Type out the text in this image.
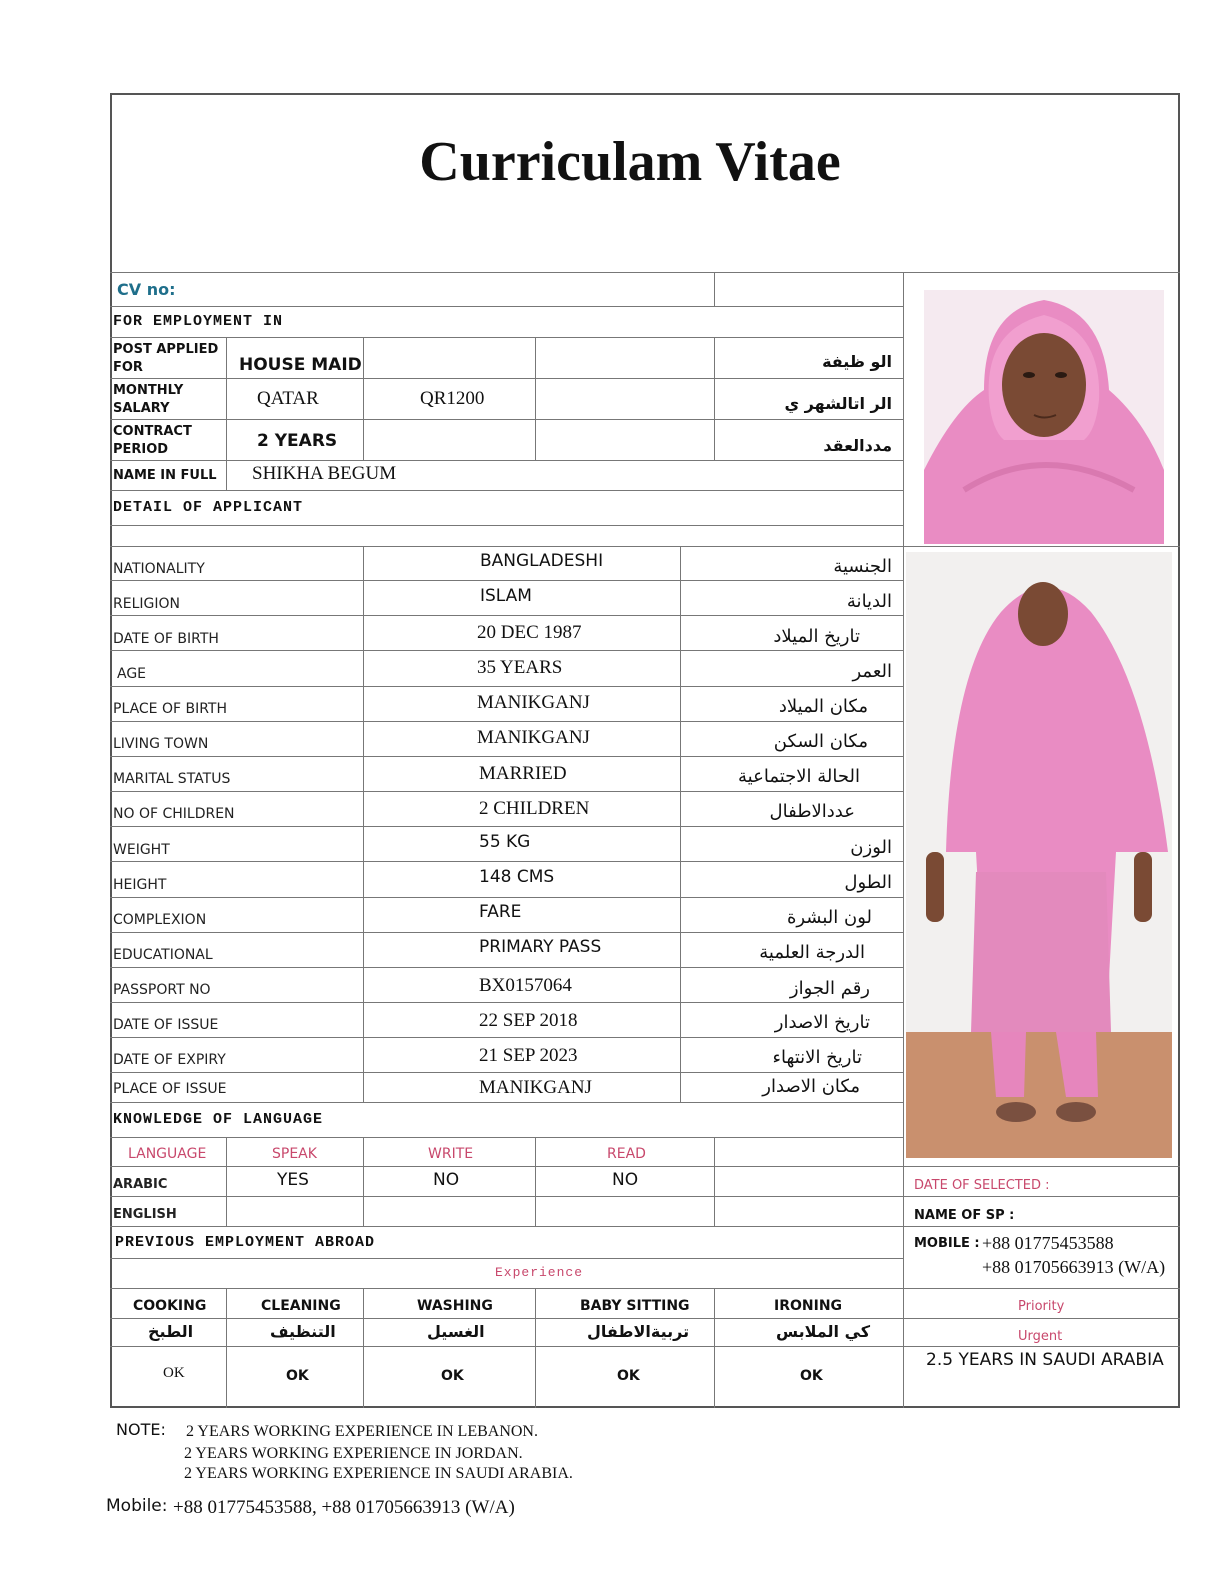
Curriculam Vitae
CV no:
FOR EMPLOYMENT IN
POST APPLIED FOR	HOUSE MAID	الو ظيفة
MONTHLY SALARY	QATAR	QR1200	الر اتالشهر ي
CONTRACT PERIOD	2 YEARS	مددالعقد
NAME IN FULL	SHIKHA BEGUM
DETAIL OF APPLICANT
NATIONALITY	BANGLADESHI	الجنسية
RELIGION	ISLAM	الديانة
DATE OF BIRTH	20 DEC 1987	تاريخ الميلاد
AGE	35 YEARS	العمر
PLACE OF BIRTH	MANIKGANJ	مكان الميلاد
LIVING TOWN	MANIKGANJ	مكان السكن
MARITAL STATUS	MARRIED	الحالة الاجتماعية
NO OF CHILDREN	2 CHILDREN	عددالاطفال
WEIGHT	55 KG	الوزن
HEIGHT	148 CMS	الطول
COMPLEXION	FARE	لون البشرة
EDUCATIONAL	PRIMARY PASS	الدرجة العلمية
PASSPORT NO	BX0157064	رقم الجواز
DATE OF ISSUE	22 SEP 2018	تاريخ الاصدار
DATE OF EXPIRY	21 SEP 2023	تاريخ الانتهاء
PLACE OF ISSUE	MANIKGANJ	مكان الاصدار
KNOWLEDGE OF LANGUAGE
LANGUAGE	SPEAK	WRITE	READ
ARABIC	YES	NO	NO
ENGLISH
DATE OF SELECTED :
NAME OF SP :
MOBILE : +88 01775453588
+88 01705663913 (W/A)
PREVIOUS EMPLOYMENT ABROAD
Experience
COOKING	CLEANING	WASHING	BABY SITTING	IRONING
الطبخ	التنظيف	الغسيل	تربيةالاطفال	كي الملابس
OK	OK	OK	OK	OK
Priority
Urgent
2.5 YEARS IN SAUDI ARABIA
NOTE: 2 YEARS WORKING EXPERIENCE IN LEBANON.
2 YEARS WORKING EXPERIENCE IN JORDAN.
2 YEARS WORKING EXPERIENCE IN SAUDI ARABIA.
Mobile: +88 01775453588, +88 01705663913 (W/A)
